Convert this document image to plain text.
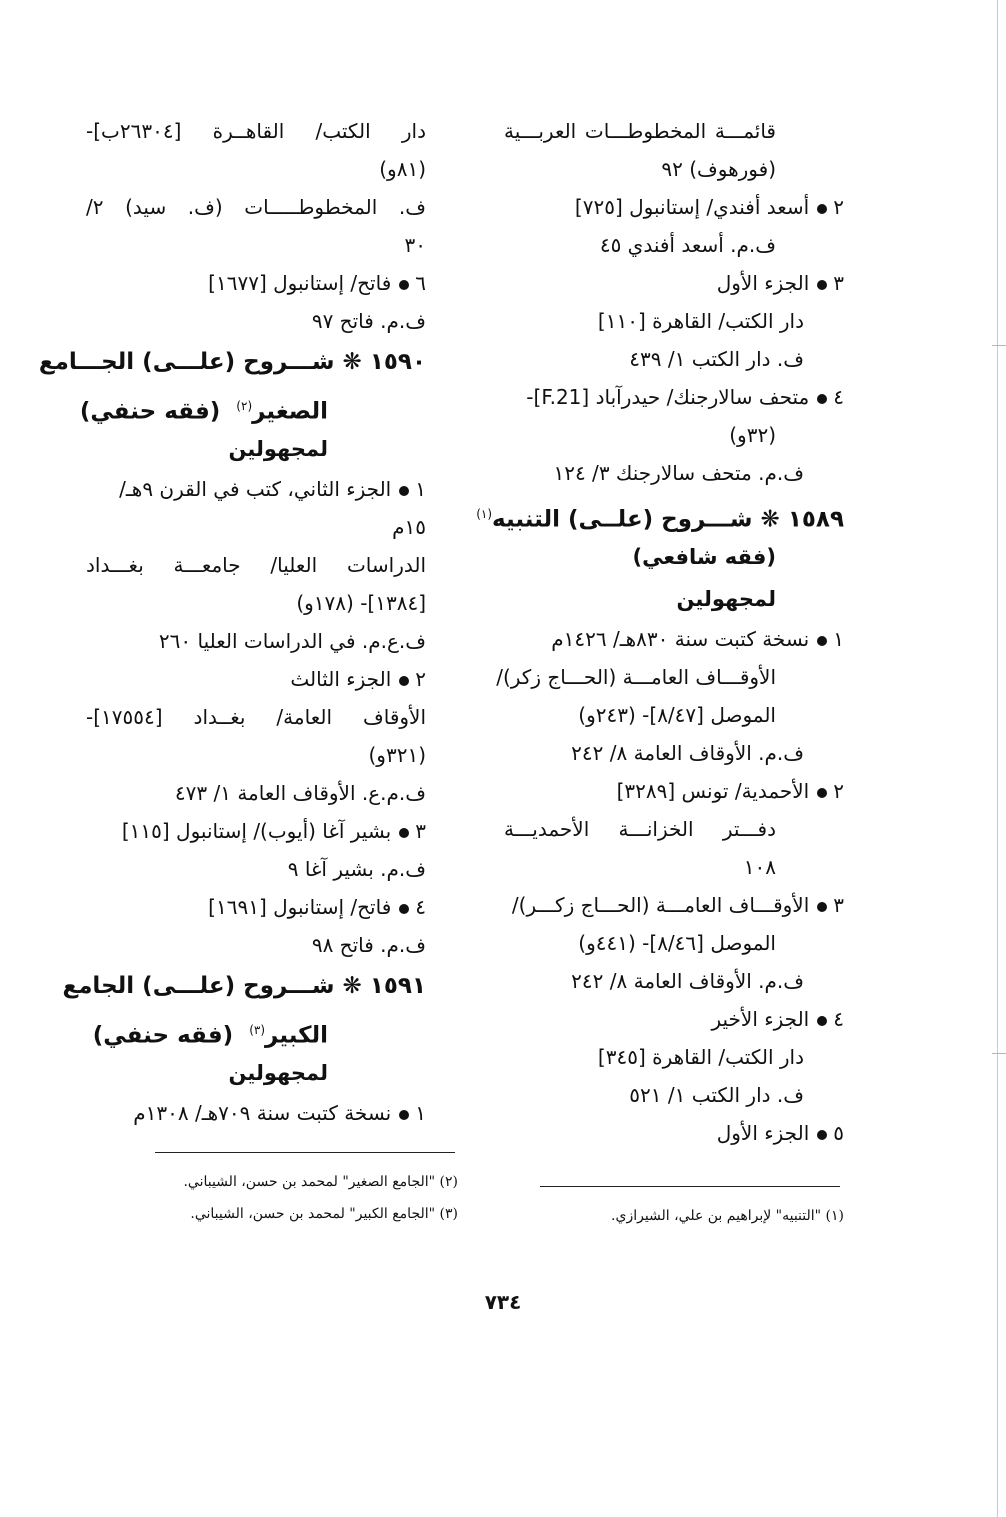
قائمـــة المخطوطـــات العربـــية
(فورهوف) ٩٢
٢أسعد أفندي/ إستانبول [٧٢٥]
ف.م. أسعد أفندي ٤٥
٣الجزء الأول
دار الكتب/ القاهرة [١١٠]
ف. دار الكتب ١/ ٤٣٩
٤متحف سالارجنك/ حيدرآباد [F.21]-
(٣٢و)
ف.م. متحف سالارجنك ٣/ ١٢٤
١٥٨٩ ❋ شـــروح (علــى) التنبيه$^{(١)}$
(فقه شافعي)
لمجهولين
١نسخة كتبت سنة ٨٣٠هـ/ ١٤٢٦م
الأوقـــاف العامـــة (الحـــاج زكر)/
الموصل [٨/٤٧]- (٢٤٣و)
ف.م. الأوقاف العامة ٨/ ٢٤٢
٢الأحمدية/ تونس [٣٢٨٩]
دفـــتر الخزانـــة الأحمديـــة
١٠٨
٣الأوقـــاف العامـــة (الحـــاج زكـــر)/
الموصل [٨/٤٦]- (٤٤١و)
ف.م. الأوقاف العامة ٨/ ٢٤٢
٤الجزء الأخير
دار الكتب/ القاهرة [٣٤٥]
ف. دار الكتب ١/ ٥٢١
٥الجزء الأول
دار الكتب/ القاهــرة [٢٦٣٠٤ب]-
(٨١و)
ف. المخطوطـــــات (ف. سيد) ٢/
٣٠
٦فاتح/ إستانبول [١٦٧٧]
ف.م. فاتح ٩٧
١٥٩٠ ❋ شـــروح (علـــى) الجـــامع
الصغير$^{(٢)}$  (فقه حنفي)
لمجهولين
١الجزء الثاني، كتب في القرن ٩هـ/
١٥م
الدراسات العليا/ جامعـــة بغـــداد
[١٣٨٤]- (١٧٨و)
ف.ع.م. في الدراسات العليا ٢٦٠
٢الجزء الثالث
الأوقاف العامة/ بغــداد [١٧٥٥٤]-
(٣٢١و)
ف.م.ع. الأوقاف العامة ١/ ٤٧٣
٣بشير آغا (أيوب)/ إستانبول [١١٥]
ف.م. بشير آغا ٩
٤فاتح/ إستانبول [١٦٩١]
ف.م. فاتح ٩٨
١٥٩١ ❋ شـــروح (علـــى) الجامع
الكبير$^{(٣)}$  (فقه حنفي)
لمجهولين
١نسخة كتبت سنة ٧٠٩هـ/ ١٣٠٨م
(٢) "الجامع الصغير" لمحمد بن حسن، الشيباني.
(٣) "الجامع الكبير" لمحمد بن حسن، الشيباني.	(١) "التنبيه" لإبراهيم بن علي، الشيرازي.
٧٣٤
